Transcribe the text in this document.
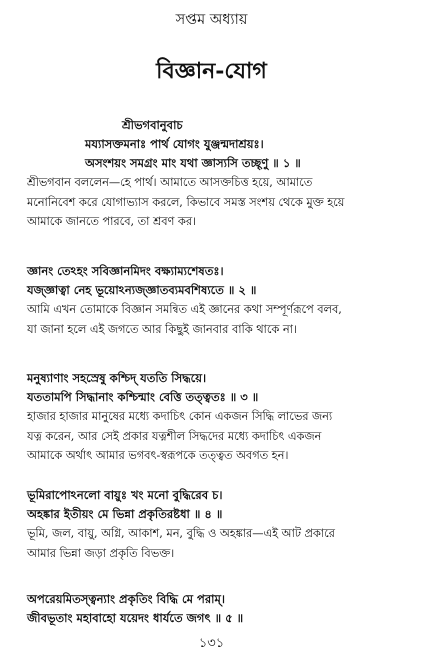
সপ্তম অধ্যায়
বিজ্ঞান-যোগ
শ্রীভগবানুবাচ
ময্যাসক্তমনাঃ পার্থ যোগং যুঞ্জন্মদাশ্রয়ঃ।
অসংশয়ং সমগ্রং মাং যথা জ্ঞাস্যসি তচ্ছৃণু ॥ ১ ॥
শ্রীভগবান বললেন—হে পার্থ। আমাতে আসক্তচিত্ত হয়ে, আমাতে
মনোনিবেশ করে যোগাভ্যাস করলে, কিভাবে সমস্ত সংশয় থেকে মুক্ত হয়ে
আমাকে জানতে পারবে, তা শ্রবণ কর।
জ্ঞানং তেঽহং সবিজ্ঞানমিদং বক্ষ্যাম্যশেষতঃ।
যজ্জ্ঞাত্বা নেহ ভূয়োঽন্যজ্জ্ঞাতব্যমবশিষ্যতে ॥ ২ ॥
আমি এখন তোমাকে বিজ্ঞান সমন্বিত এই জ্ঞানের কথা সম্পূর্ণরূপে বলব,
যা জানা হলে এই জগতে আর কিছুই জানবার বাকি থাকে না।
মনুষ্যাণাং সহস্রেষু কশ্চিদ্ যততি সিদ্ধয়ে।
যততামপি সিদ্ধানাং কশ্চিন্মাং বেত্তি তত্ত্বতঃ ॥ ৩ ॥
হাজার হাজার মানুষের মধ্যে কদাচিৎ কোন একজন সিদ্ধি লাভের জন্য
যত্ন করেন, আর সেই প্রকার যত্নশীল সিদ্ধদের মধ্যে কদাচিৎ একজন
আমাকে অর্থাৎ আমার ভগবৎ-স্বরূপকে তত্ত্বত অবগত হন।
ভূমিরাপোঽনলো বায়ুঃ খং মনো বুদ্ধিরেব চ।
অহঙ্কার ইতীয়ং মে ভিন্না প্রকৃতিরষ্টধা ॥ ৪ ॥
ভূমি, জল, বায়ু, অগ্নি, আকাশ, মন, বুদ্ধি ও অহঙ্কার—এই আট প্রকারে
আমার ভিন্না জড়া প্রকৃতি বিভক্ত।
অপরেয়মিতস্ত্বন্যাং প্রকৃতিং বিদ্ধি মে পরাম্।
জীবভূতাং মহাবাহো যয়েদং ধার্যতে জগৎ ॥ ৫ ॥
১৩১
